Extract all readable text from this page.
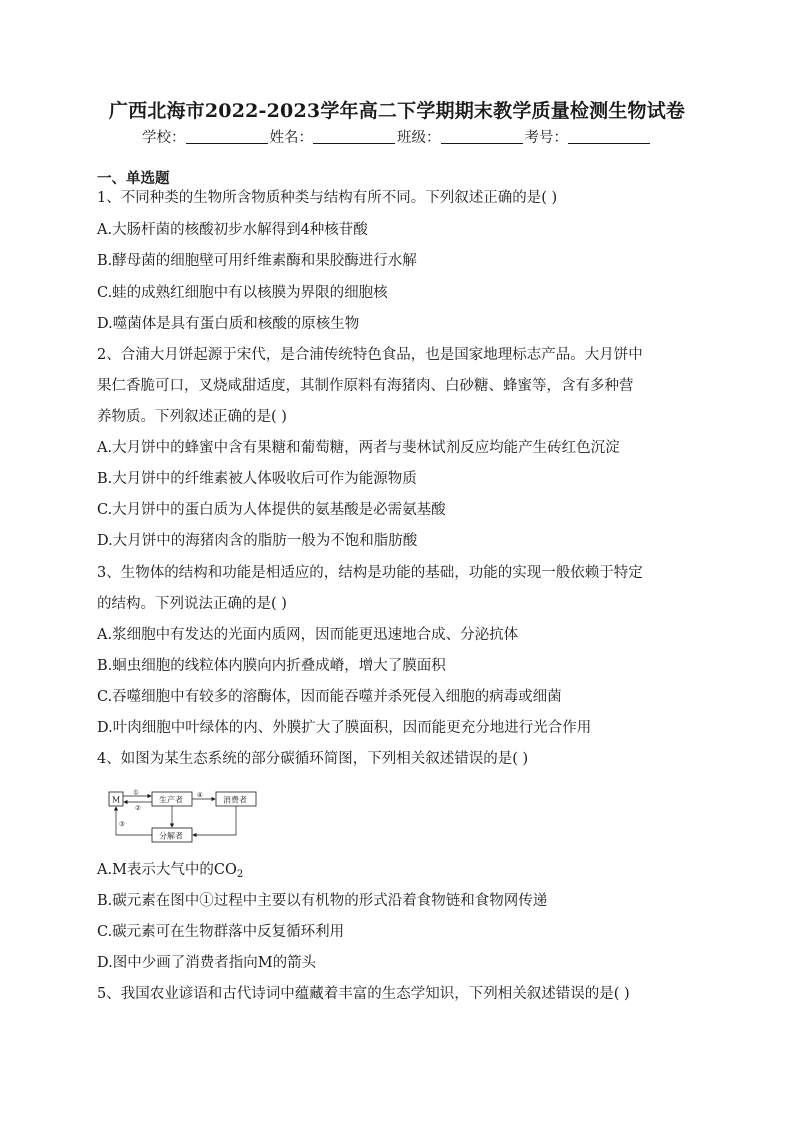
广西北海市2022-2023学年高二下学期期末教学质量检测生物试卷
学校：	姓名：	班级：	考号：
一、单选题
1、不同种类的生物所含物质种类与结构有所不同。下列叙述正确的是( )
A.大肠杆菌的核酸初步水解得到4种核苷酸
B.酵母菌的细胞壁可用纤维素酶和果胶酶进行水解
C.蛙的成熟红细胞中有以核膜为界限的细胞核
D.噬菌体是具有蛋白质和核酸的原核生物
2、合浦大月饼起源于宋代，是合浦传统特色食品，也是国家地理标志产品。大月饼中
果仁香脆可口，叉烧咸甜适度，其制作原料有海猪肉、白砂糖、蜂蜜等，含有多种营
养物质。下列叙述正确的是( )
A.大月饼中的蜂蜜中含有果糖和葡萄糖，两者与斐林试剂反应均能产生砖红色沉淀
B.大月饼中的纤维素被人体吸收后可作为能源物质
C.大月饼中的蛋白质为人体提供的氨基酸是必需氨基酸
D.大月饼中的海猪肉含的脂肪一般为不饱和脂肪酸
3、生物体的结构和功能是相适应的，结构是功能的基础，功能的实现一般依赖于特定
的结构。下列说法正确的是( )
A.浆细胞中有发达的光面内质网，因而能更迅速地合成、分泌抗体
B.蛔虫细胞的线粒体内膜向内折叠成嵴，增大了膜面积
C.吞噬细胞中有较多的溶酶体，因而能吞噬并杀死侵入细胞的病毒或细菌
D.叶肉细胞中叶绿体的内、外膜扩大了膜面积，因而能更充分地进行光合作用
4、如图为某生态系统的部分碳循环简图，下列相关叙述错误的是( )
M	生产者	消费者
分解者
①
②
④
③
A.M表示大气中的$CO_2$
B.碳元素在图中①过程中主要以有机物的形式沿着食物链和食物网传递
C.碳元素可在生物群落中反复循环利用
D.图中少画了消费者指向M的箭头
5、我国农业谚语和古代诗词中蕴藏着丰富的生态学知识，下列相关叙述错误的是( )
